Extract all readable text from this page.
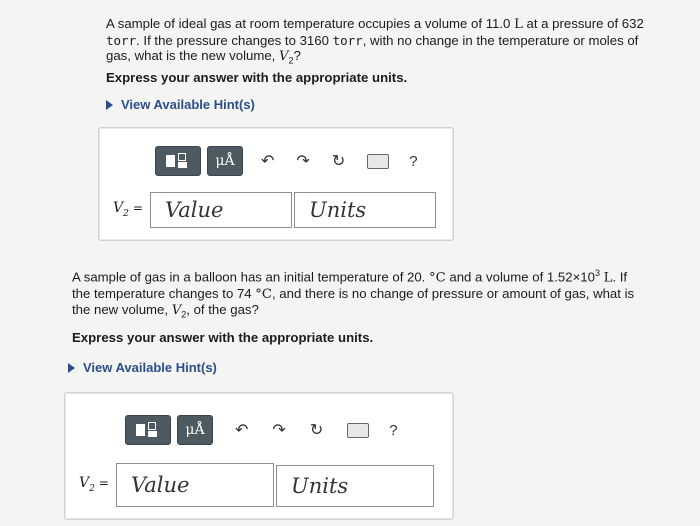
A sample of ideal gas at room temperature occupies a volume of 11.0 L at a pressure of 632 torr. If the pressure changes to 3160 torr, with no change in the temperature or moles of gas, what is the new volume, $V_2$?

Express your answer with the appropriate units.

View Available Hint(s)
μÅ	↶ ↷ ↻	?
$V_2$ =	Value	Units

A sample of gas in a balloon has an initial temperature of 20. °C and a volume of $1.52\times 10^3$ L. If the temperature changes to 74 °C, and there is no change of pressure or amount of gas, what is the new volume, $V_2$, of the gas?

Express your answer with the appropriate units.

View Available Hint(s)
μÅ	↶ ↷ ↻	?
$V_2$ =	Value	Units
